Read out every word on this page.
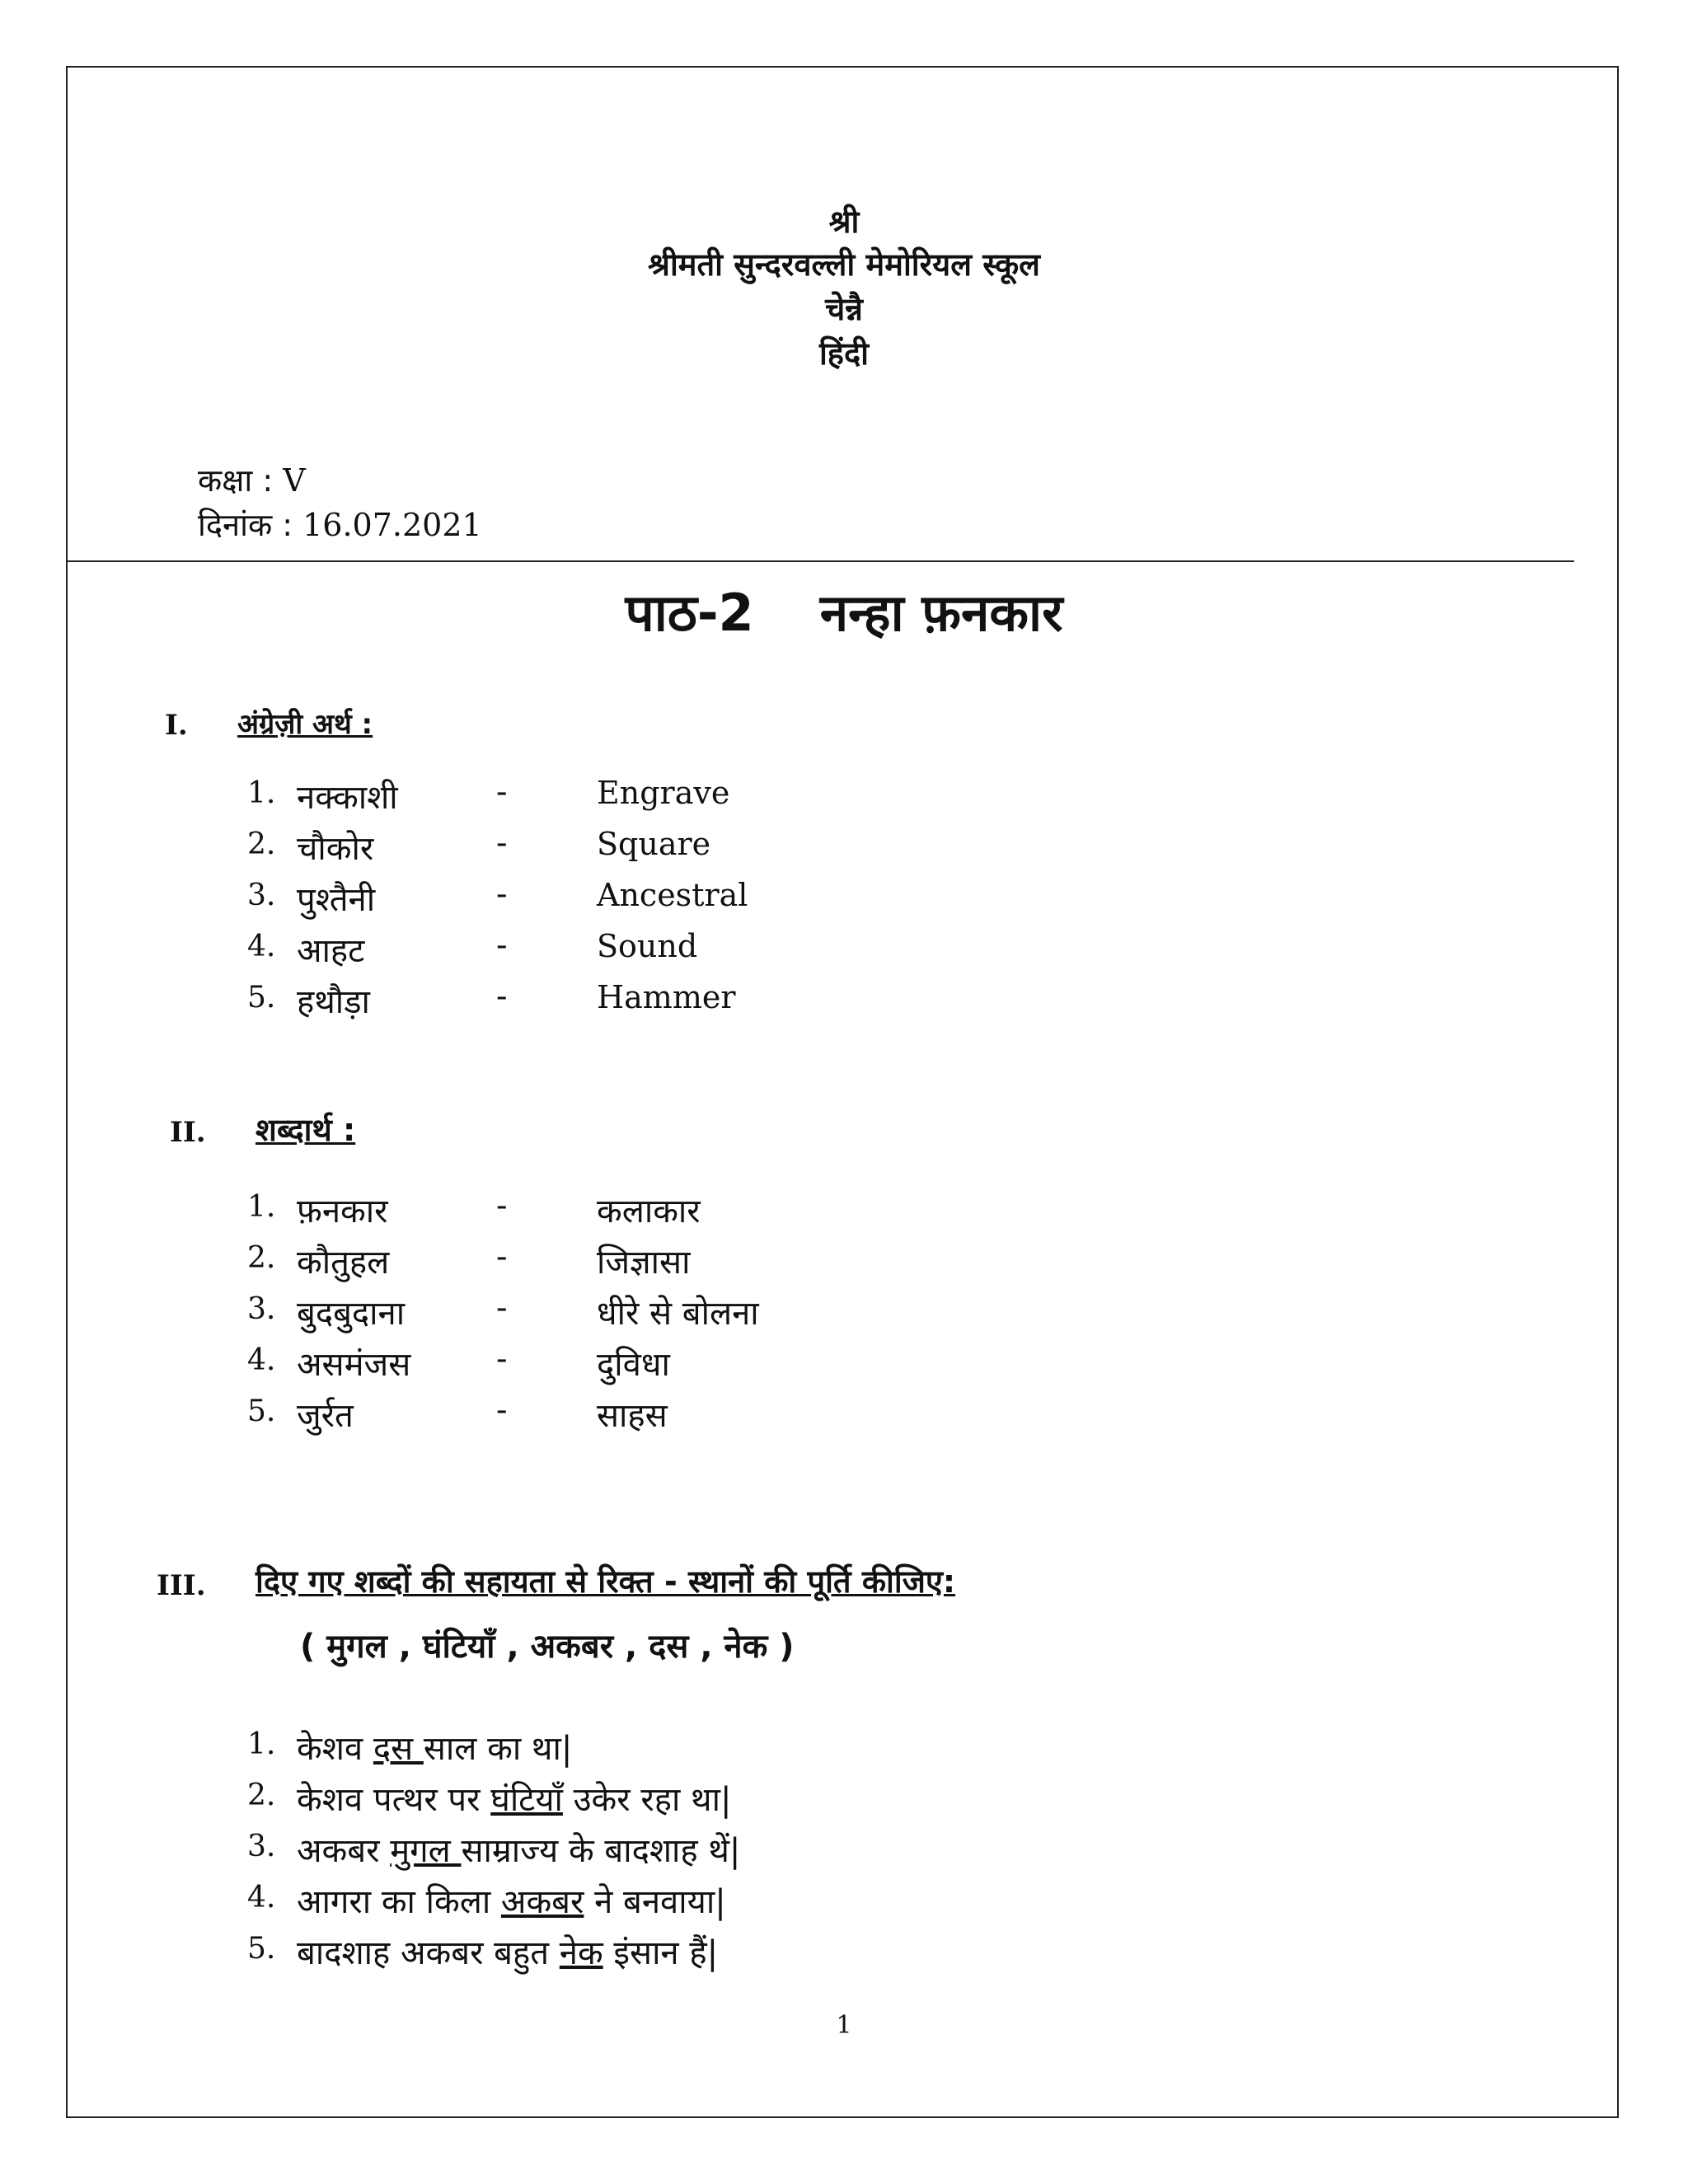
श्री
श्रीमती सुन्दरवल्ली मेमोरियल स्कूल
चेन्नै
हिंदी
कक्षा : V
दिनांक : 16.07.2021
पाठ-2 नन्हा फ़नकार
I. अंग्रेज़ी अर्थ :
1. नक्काशी	-	Engrave
2. चौकोर	-	Square
3. पुश्तैनी	-	Ancestral
4. आहट	-	Sound
5. हथौड़ा	-	Hammer
II. शब्दार्थ :
1. फ़नकार	-	कलाकार
2. कौतुहल	-	जिज्ञासा
3. बुदबुदाना	-	धीरे से बोलना
4. असमंजस	-	दुविधा
5. जुर्रत	-	साहस
III. दिए गए शब्दों की सहायता से रिक्त - स्थानों की पूर्ति कीजिए:
( मुगल , घंटियाँ , अकबर , दस , नेक )
1. केशव दस साल का था|
2. केशव पत्थर पर घंटियाँ उकेर रहा था|
3. अकबर मुगल साम्राज्य के बादशाह थें|
4. आगरा का किला अकबर ने बनवाया|
5. बादशाह अकबर बहुत नेक इंसान हैं|
1
